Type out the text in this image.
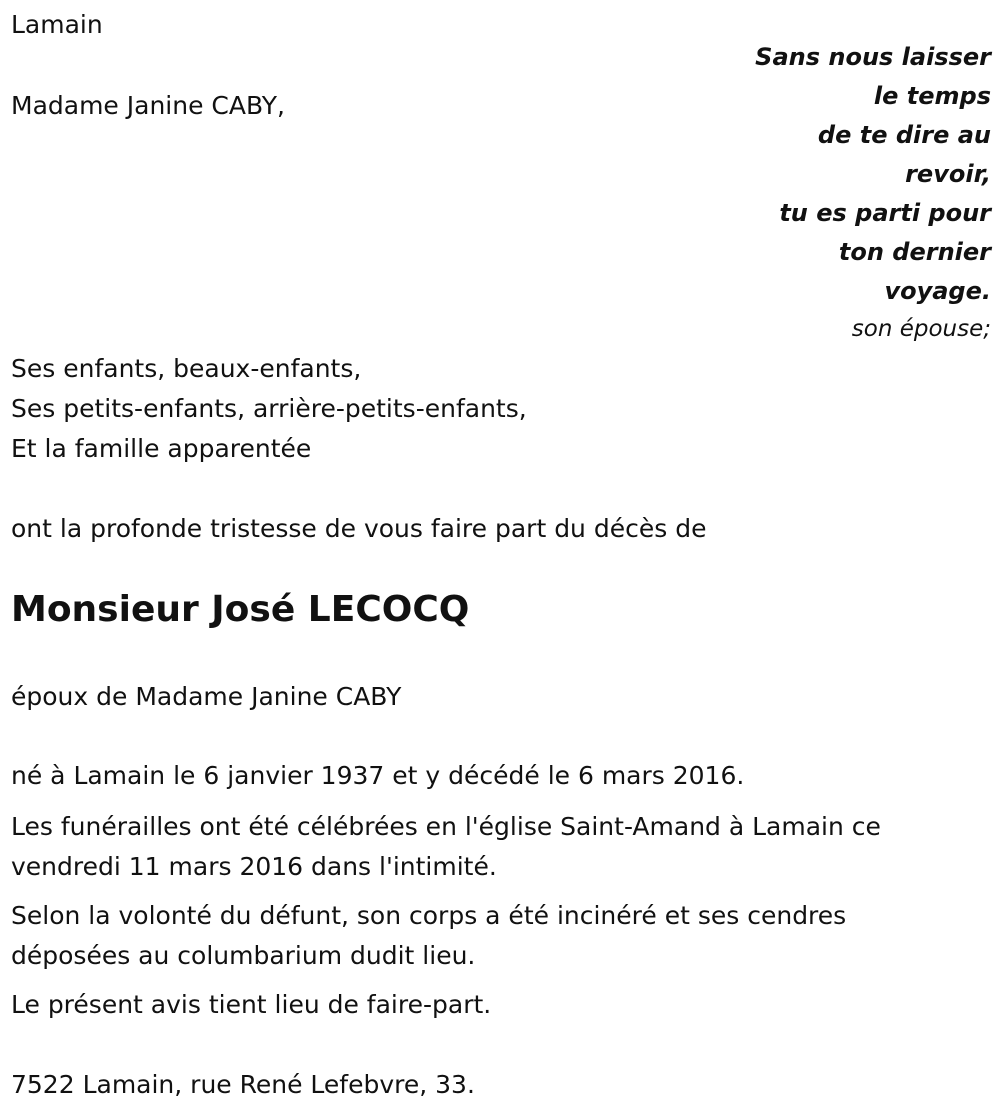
Lamain

Madame Janine CABY,

Sans nous laisser
le temps
de te dire au
revoir,
tu es parti pour
ton dernier
voyage.
son épouse;

Ses enfants, beaux-enfants,

Ses petits-enfants, arrière-petits-enfants,

Et la famille apparentée

ont la profonde tristesse de vous faire part du décès de

Monsieur José LECOCQ

époux de Madame Janine CABY

né à Lamain le 6 janvier 1937 et y décédé le 6 mars 2016.

Les funérailles ont été célébrées en l'église Saint-Amand à Lamain ce vendredi 11 mars 2016 dans l'intimité.

Selon la volonté du défunt, son corps a été incinéré et ses cendres déposées au columbarium dudit lieu.

Le présent avis tient lieu de faire-part.

7522 Lamain, rue René Lefebvre, 33.
